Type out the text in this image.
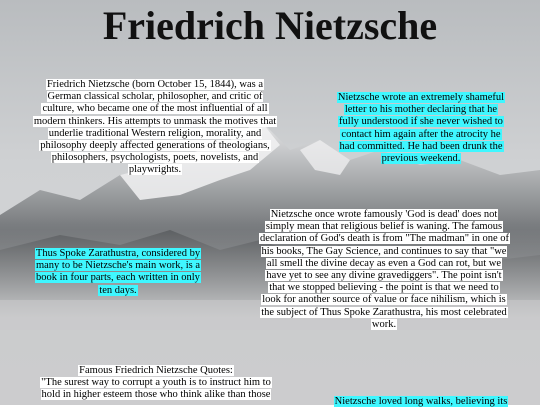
Friedrich Nietzsche
Friedrich Nietzsche (born October 15, 1844), was a German classical scholar, philosopher, and critic of culture, who became one of the most influential of all modern thinkers. His attempts to unmask the motives that underlie traditional Western religion, morality, and philosophy deeply affected generations of theologians, philosophers, psychologists, poets, novelists, and playwrights.
Nietzsche wrote an extremely shameful letter to his mother declaring that he fully understood if she never wished to contact him again after the atrocity he had committed. He had been drunk the previous weekend.
Nietzsche once wrote famously 'God is dead' does not simply mean that religious belief is waning. The famous declaration of God's death is from "The madman" in one of his books, The Gay Science, and continues to say that "we all smell the divine decay as even a God can rot, but we have yet to see any divine gravediggers". The point isn't that we stopped believing - the point is that we need to look for another source of value or face nihilism, which is the subject of Thus Spoke Zarathustra, his most celebrated work.
Thus Spoke Zarathustra, considered by many to be Nietzsche's main work, is a book in four parts, each written in only ten days.
Famous Friedrich Nietzsche Quotes:
"The surest way to corrupt a youth is to instruct him to hold in higher esteem those who think alike than those
Nietzsche loved long walks, believing its
